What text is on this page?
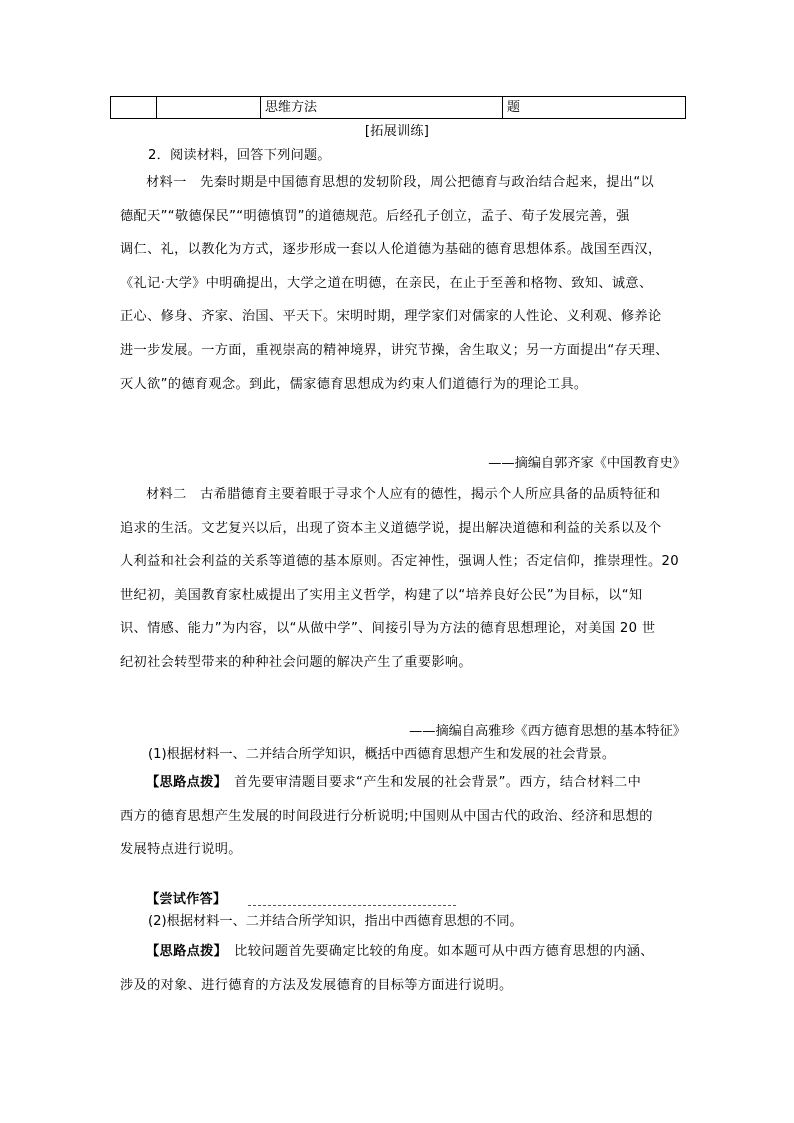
思维方法	题
[拓展训练]
2．阅读材料，回答下列问题。
材料一　 先秦时期是中国德育思想的发轫阶段，周公把德育与政治结合起来，提出“以
德配天”“敬德保民”“明德慎罚”的道德规范。后经孔子创立，孟子、荀子发展完善，强
调仁、礼，以教化为方式，逐步形成一套以人伦道德为基础的德育思想体系。战国至西汉，
《礼记·大学》中明确提出，大学之道在明德，在亲民，在止于至善和格物、致知、诚意、
正心、修身、齐家、治国、平天下。宋明时期，理学家们对儒家的人性论、义利观、修养论
进一步发展。一方面，重视崇高的精神境界，讲究节操，舍生取义；另一方面提出“存天理、
灭人欲”的德育观念。到此，儒家德育思想成为约束人们道德行为的理论工具。
——摘编自郭齐家《中国教育史》
材料二　 古希腊德育主要着眼于寻求个人应有的德性，揭示个人所应具备的品质特征和
追求的生活。文艺复兴以后，出现了资本主义道德学说，提出解决道德和利益的关系以及个
人利益和社会利益的关系等道德的基本原则。否定神性，强调人性；否定信仰，推崇理性。20
世纪初，美国教育家杜威提出了实用主义哲学，构建了以“培养良好公民”为目标，以“知
识、情感、能力”为内容，以“从做中学”、间接引导为方法的德育思想理论，对美国 20 世
纪初社会转型带来的种种社会问题的解决产生了重要影响。
——摘编自高雅珍《西方德育思想的基本特征》
(1)根据材料一、二并结合所学知识，概括中西德育思想产生和发展的社会背景。
【思路点拨】　 首先要审清题目要求“产生和发展的社会背景”。西方，结合材料二中
西方的德育思想产生发展的时间段进行分析说明;中国则从中国古代的政治、经济和思想的
发展特点进行说明。
【尝试作答】
(2)根据材料一、二并结合所学知识，指出中西德育思想的不同。
【思路点拨】　 比较问题首先要确定比较的角度。如本题可从中西方德育思想的内涵、
涉及的对象、进行德育的方法及发展德育的目标等方面进行说明。
